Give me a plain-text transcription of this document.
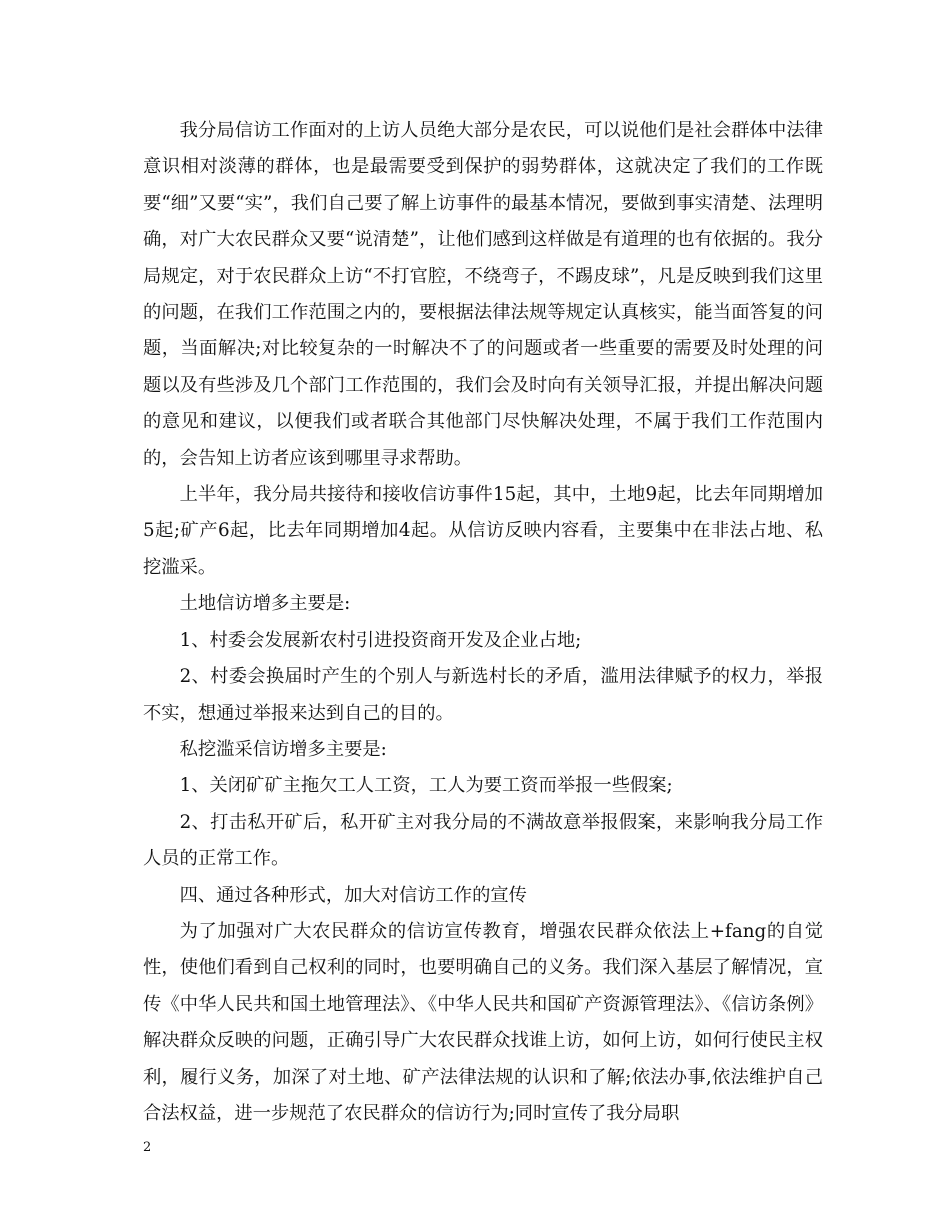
我分局信访工作面对的上访人员绝大部分是农民，可以说他们是社会群体中法律意识相对淡薄的群体，也是最需要受到保护的弱势群体，这就决定了我们的工作既要“细”又要“实”，我们自己要了解上访事件的最基本情况，要做到事实清楚、法理明确，对广大农民群众又要“说清楚”，让他们感到这样做是有道理的也有依据的。我分局规定，对于农民群众上访“不打官腔，不绕弯子，不踢皮球”，凡是反映到我们这里的问题，在我们工作范围之内的，要根据法律法规等规定认真核实，能当面答复的问题，当面解决;对比较复杂的一时解决不了的问题或者一些重要的需要及时处理的问题以及有些涉及几个部门工作范围的，我们会及时向有关领导汇报，并提出解决问题的意见和建议，以便我们或者联合其他部门尽快解决处理，不属于我们工作范围内的，会告知上访者应该到哪里寻求帮助。

上半年，我分局共接待和接收信访事件15起，其中，土地9起，比去年同期增加5起;矿产6起，比去年同期增加4起。从信访反映内容看，主要集中在非法占地、私挖滥采。

土地信访增多主要是:

1、村委会发展新农村引进投资商开发及企业占地;

2、村委会换届时产生的个别人与新选村长的矛盾，滥用法律赋予的权力，举报不实，想通过举报来达到自己的目的。

私挖滥采信访增多主要是:

1、关闭矿矿主拖欠工人工资，工人为要工资而举报一些假案;

2、打击私开矿后，私开矿主对我分局的不满故意举报假案，来影响我分局工作人员的正常工作。

四、通过各种形式，加大对信访工作的宣传

为了加强对广大农民群众的信访宣传教育，增强农民群众依法上+fang的自觉性，使他们看到自己权利的同时，也要明确自己的义务。我们深入基层了解情况，宣传《中华人民共和国土地管理法》、《中华人民共和国矿产资源管理法》、《信访条例》解决群众反映的问题，正确引导广大农民群众找谁上访，如何上访，如何行使民主权利，履行义务，加深了对土地、矿产法律法规的认识和了解;依法办事,依法维护自己合法权益，进一步规范了农民群众的信访行为;同时宣传了我分局职

2
